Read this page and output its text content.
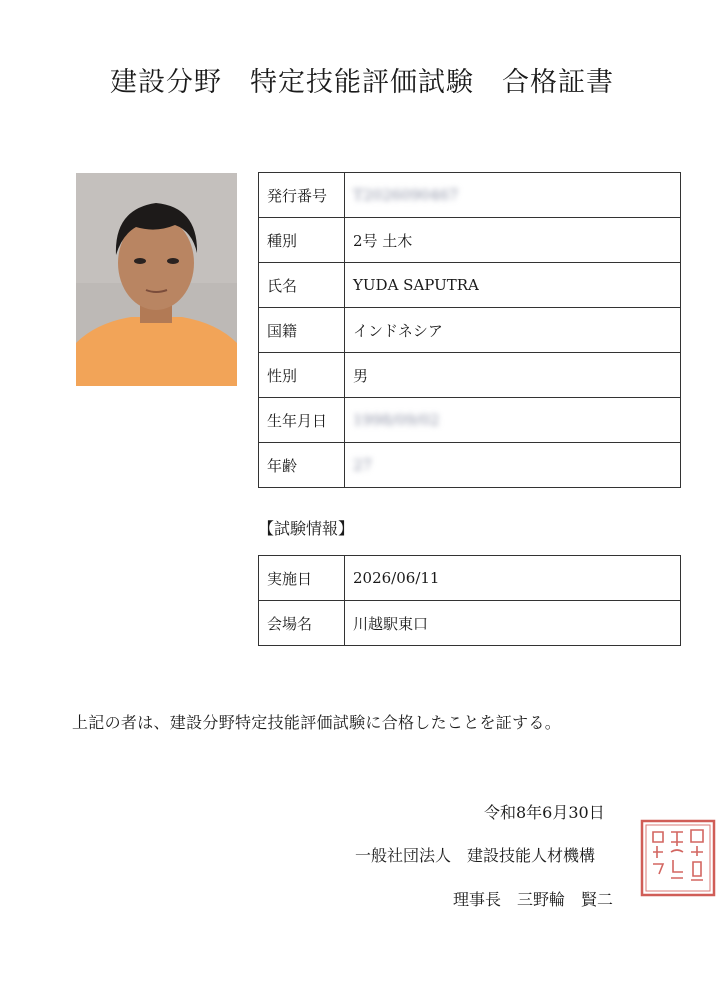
建設分野　特定技能評価試験　合格証書
発行番号	T2026090467
種別	2号 土木
氏名	YUDA SAPUTRA
国籍	インドネシア
性別	男
生年月日	1998/09/02
年齢	27
【試験情報】
実施日	2026/06/11
会場名	川越駅東口
上記の者は、建設分野特定技能評価試験に合格したことを証する。
令和8年6月30日
一般社団法人　建設技能人材機構
理事長　三野輪　賢二
